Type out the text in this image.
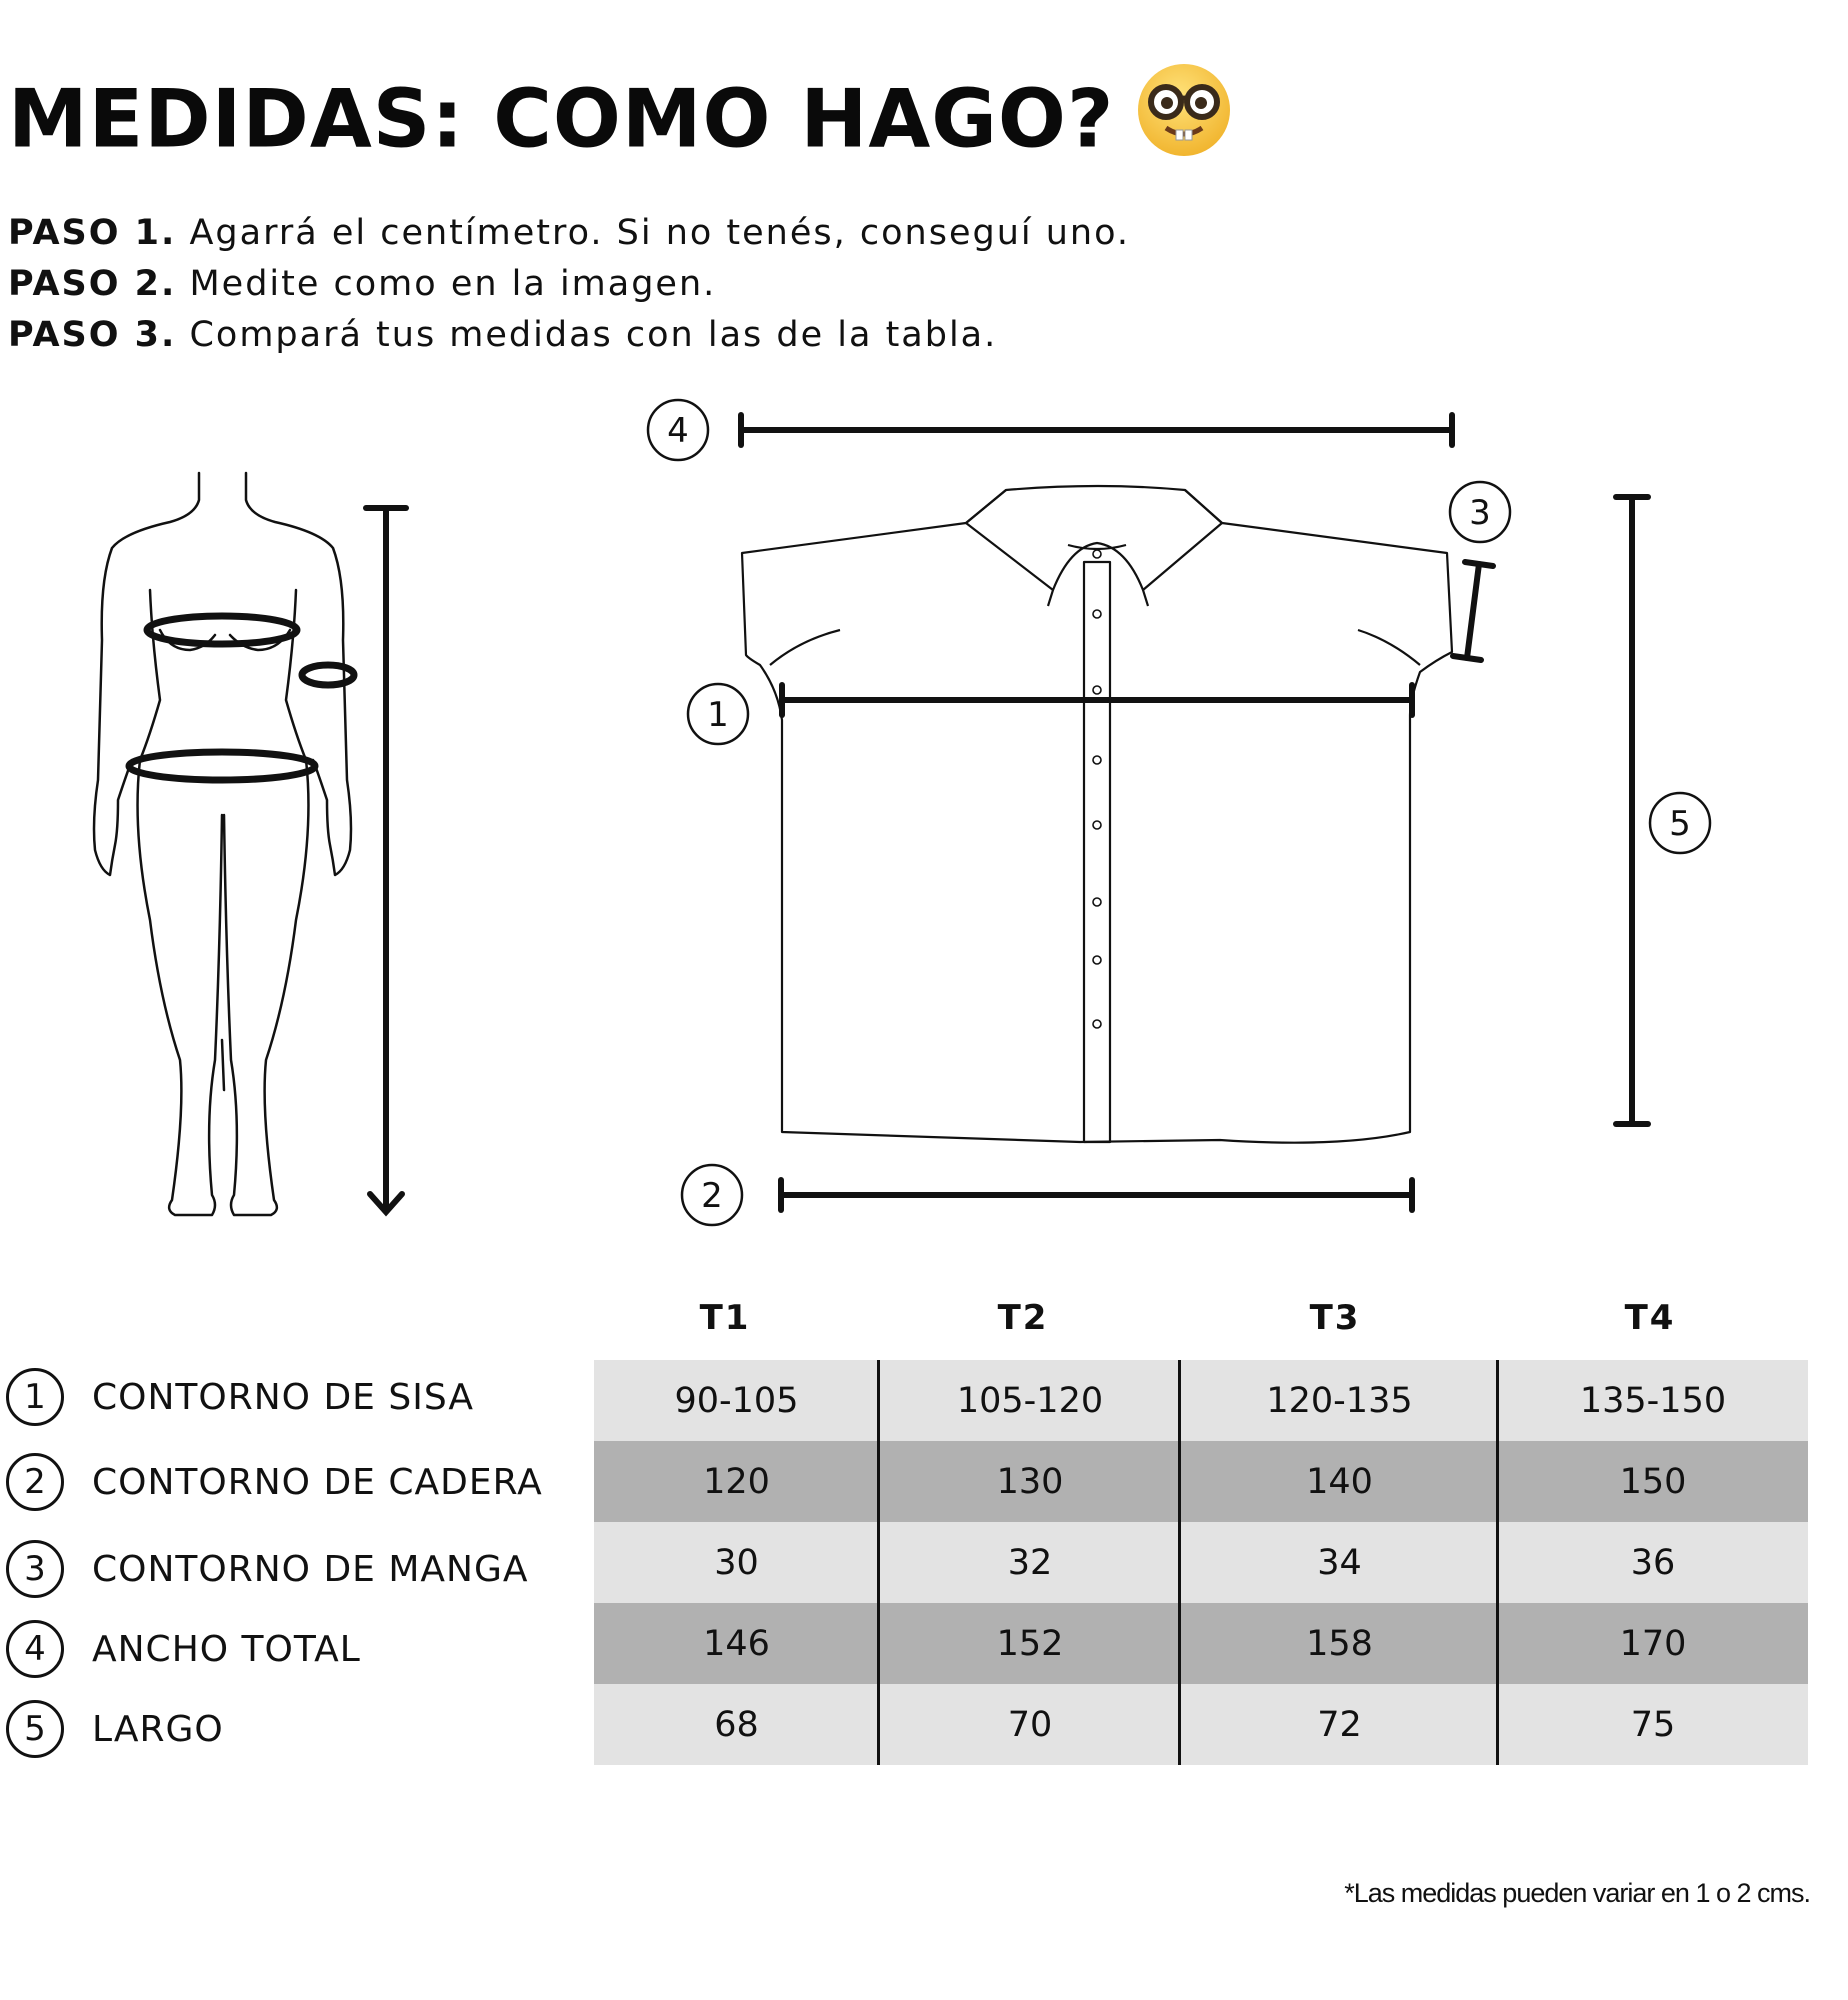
MEDIDAS: COMO HAGO?
PASO 1. Agarrá el centímetro. Si no tenés, conseguí uno.
PASO 2. Medite como en la imagen.
PASO 3. Compará tus medidas con las de la tabla.
4
3
1
5
2
T1	T2	T3	T4
1	CONTORNO DE SISA
2	CONTORNO DE CADERA
3	CONTORNO DE MANGA
4	ANCHO TOTAL
5	LARGO
90-105	105-120	120-135	135-150
120	130	140	150
30	32	34	36
146	152	158	170
68	70	72	75
*Las medidas pueden variar en 1 o 2 cms.
